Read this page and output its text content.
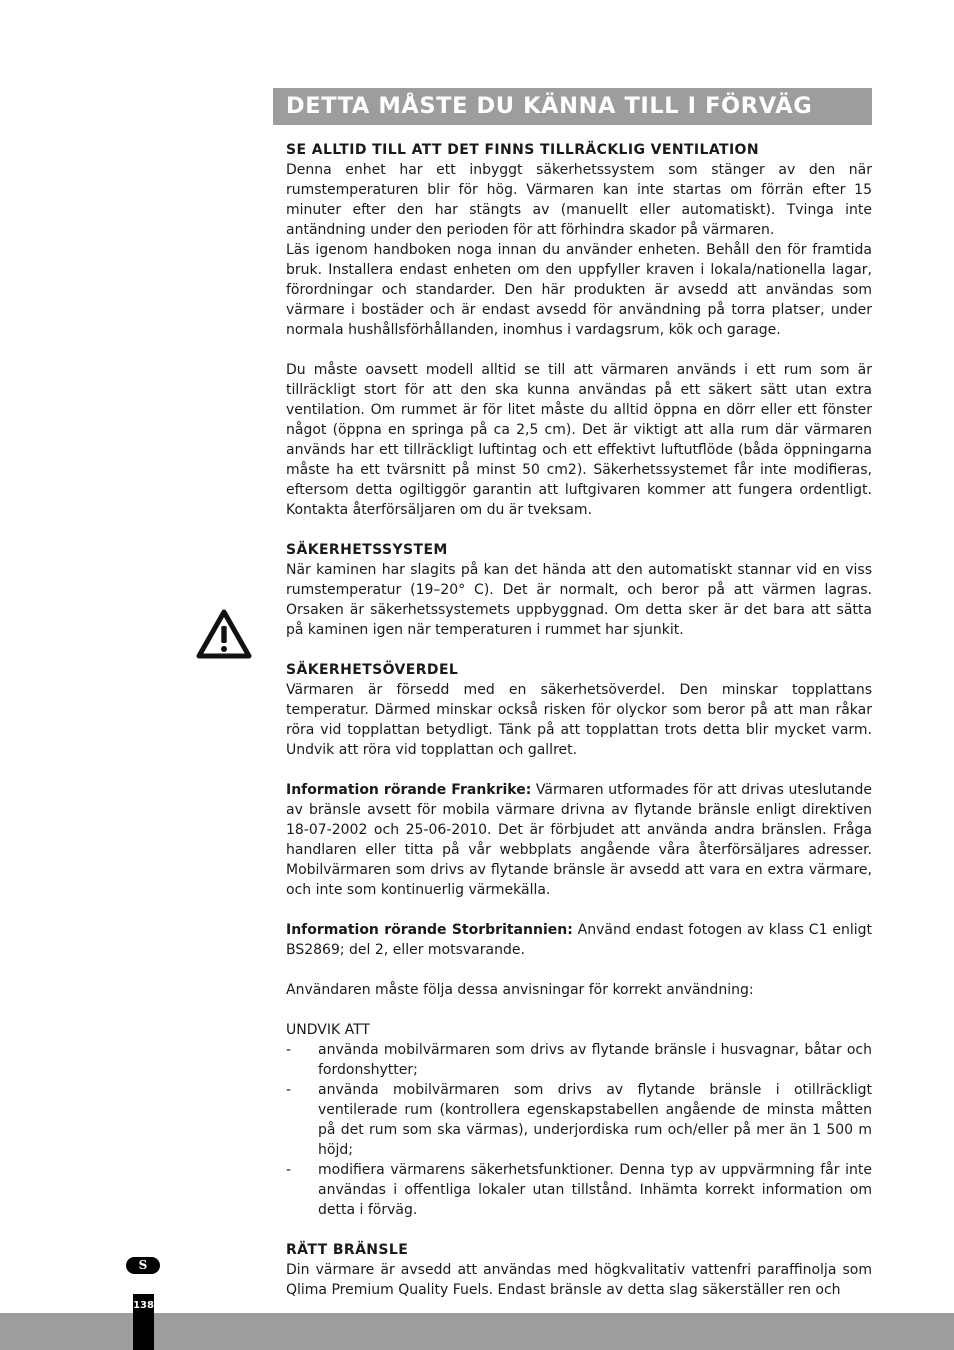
DETTA MÅSTE DU KÄNNA TILL I FÖRVÄG

SE ALLTID TILL ATT DET FINNS TILLRÄCKLIG VENTILATION

Denna enhet har ett inbyggt säkerhetssystem som stänger av den när rumstemperaturen blir för hög. Värmaren kan inte startas om förrän efter 15 minuter efter den har stängts av (manuellt eller automatiskt). Tvinga inte antändning under den perioden för att förhindra skador på värmaren.

Läs igenom handboken noga innan du använder enheten. Behåll den för framtida bruk. Installera endast enheten om den uppfyller kraven i lokala/nationella lagar, förordningar och standarder. Den här produkten är avsedd att användas som värmare i bostäder och är endast avsedd för användning på torra platser, under normala hushållsförhållanden, inomhus i vardagsrum, kök och garage.

Du måste oavsett modell alltid se till att värmaren används i ett rum som är tillräckligt stort för att den ska kunna användas på ett säkert sätt utan extra ventilation. Om rummet är för litet måste du alltid öppna en dörr eller ett fönster något (öppna en springa på ca 2,5 cm). Det är viktigt att alla rum där värmaren används har ett tillräckligt luftintag och ett effektivt luftutflöde (båda öppningarna måste ha ett tvärsnitt på minst 50 cm2). Säkerhetssystemet får inte modifieras, eftersom detta ogiltiggör garantin att luftgivaren kommer att fungera ordentligt. Kontakta återförsäljaren om du är tveksam.

SÄKERHETSSYSTEM

När kaminen har slagits på kan det hända att den automatiskt stannar vid en viss rumstemperatur (19–20° C). Det är normalt, och beror på att värmen lagras. Orsaken är säkerhetssystemets uppbyggnad. Om detta sker är det bara att sätta på kaminen igen när temperaturen i rummet har sjunkit.

SÄKERHETSÖVERDEL

Värmaren är försedd med en säkerhetsöverdel. Den minskar topplattans temperatur. Därmed minskar också risken för olyckor som beror på att man råkar röra vid topplattan betydligt. Tänk på att topplattan trots detta blir mycket varm. Undvik att röra vid topplattan och gallret.

Information rörande Frankrike: Värmaren utformades för att drivas uteslutande av bränsle avsett för mobila värmare drivna av flytande bränsle enligt direktiven 18-07-2002 och 25-06-2010. Det är förbjudet att använda andra bränslen. Fråga handlaren eller titta på vår webbplats angående våra återförsäljares adresser. Mobilvärmaren som drivs av flytande bränsle är avsedd att vara en extra värmare, och inte som kontinuerlig värmekälla.

Information rörande Storbritannien: Använd endast fotogen av klass C1 enligt BS2869; del 2, eller motsvarande.

Användaren måste följa dessa anvisningar för korrekt användning:

UNDVIK ATT

- använda mobilvärmaren som drivs av flytande bränsle i husvagnar, båtar och fordonshytter;
- använda mobilvärmaren som drivs av flytande bränsle i otillräckligt ventilerade rum (kontrollera egenskapstabellen angående de minsta måtten på det rum som ska värmas), underjordiska rum och/eller på mer än 1 500 m höjd;
- modifiera värmarens säkerhetsfunktioner. Denna typ av uppvärmning får inte användas i offentliga lokaler utan tillstånd. Inhämta korrekt information om detta i förväg.

RÄTT BRÄNSLE

Din värmare är avsedd att användas med högkvalitativ vattenfri paraffinolja som Qlima Premium Quality Fuels. Endast bränsle av detta slag säkerställer ren och

S
138
